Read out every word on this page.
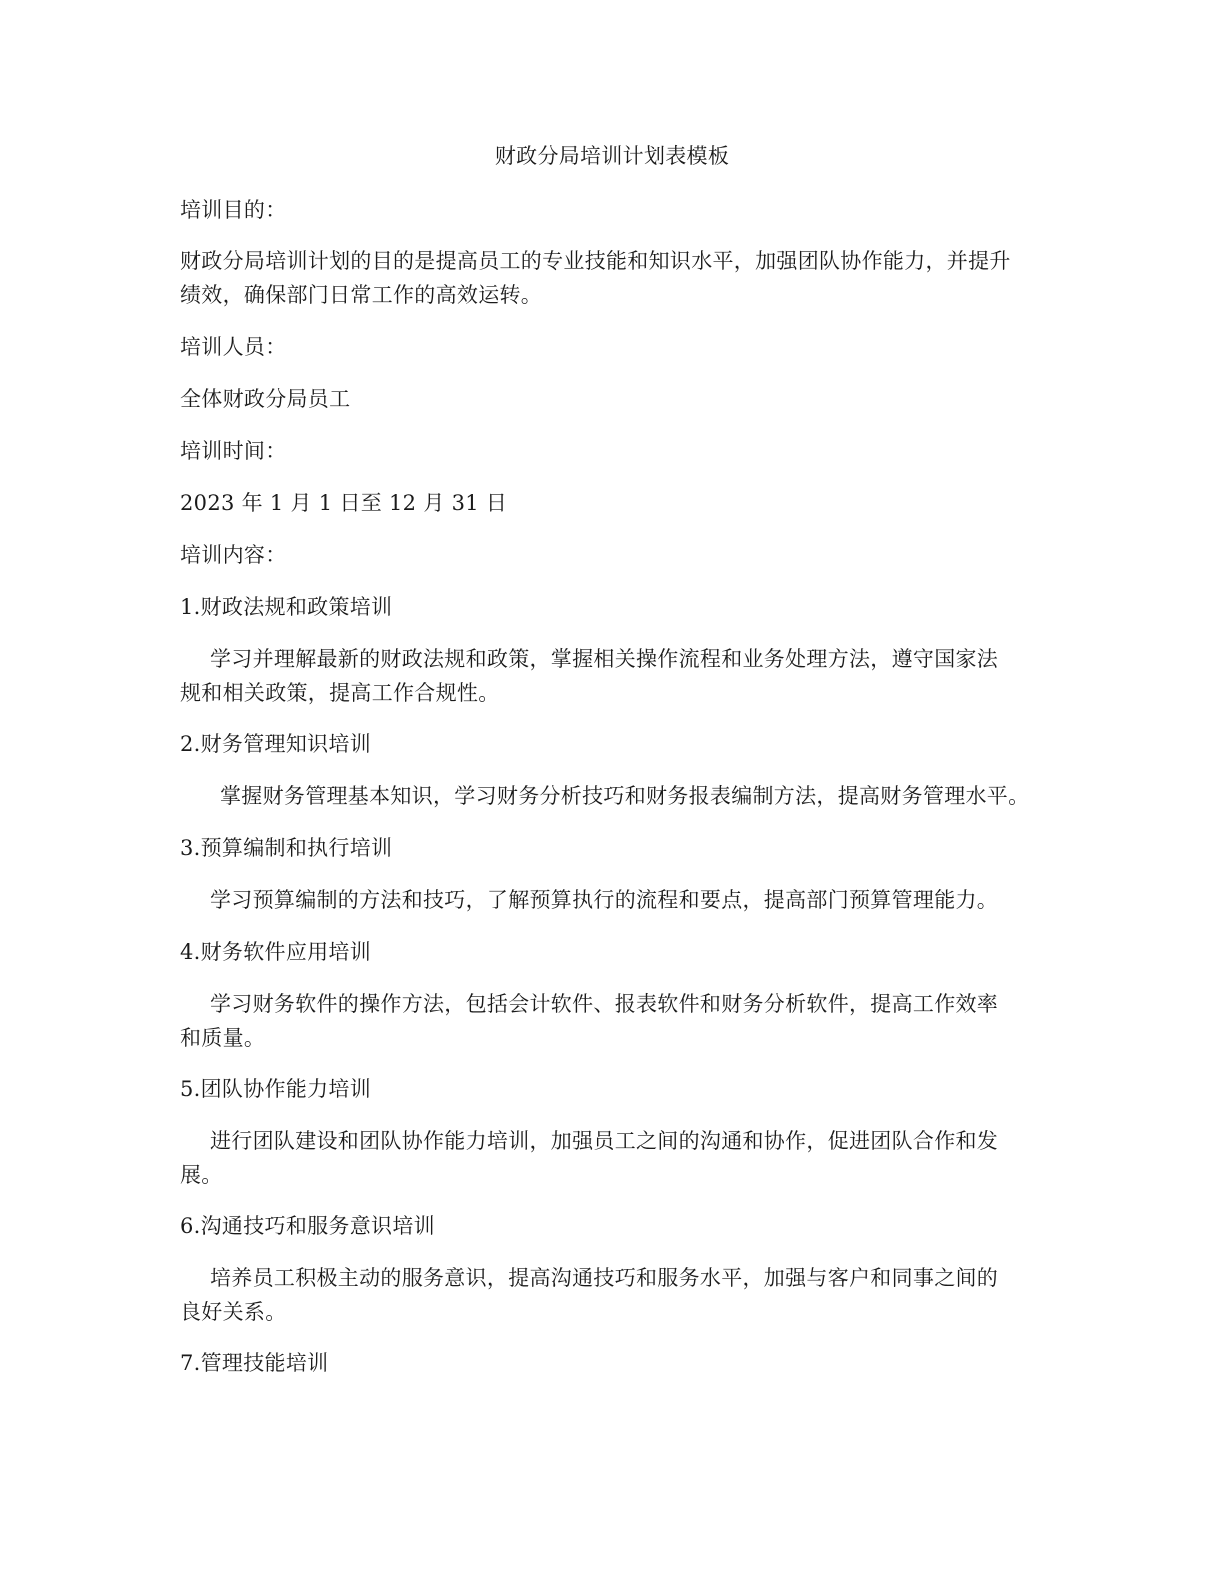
财政分局培训计划表模板
培训目的：
财政分局培训计划的目的是提高员工的专业技能和知识水平，加强团队协作能力，并提升
绩效，确保部门日常工作的高效运转。
培训人员：
全体财政分局员工
培训时间：
2023 年 1 月 1 日至 12 月 31 日
培训内容：
1.财政法规和政策培训
学习并理解最新的财政法规和政策，掌握相关操作流程和业务处理方法，遵守国家法
规和相关政策，提高工作合规性。
2.财务管理知识培训
掌握财务管理基本知识，学习财务分析技巧和财务报表编制方法，提高财务管理水平。
3.预算编制和执行培训
学习预算编制的方法和技巧，了解预算执行的流程和要点，提高部门预算管理能力。
4.财务软件应用培训
学习财务软件的操作方法，包括会计软件、报表软件和财务分析软件，提高工作效率
和质量。
5.团队协作能力培训
进行团队建设和团队协作能力培训，加强员工之间的沟通和协作，促进团队合作和发
展。
6.沟通技巧和服务意识培训
培养员工积极主动的服务意识，提高沟通技巧和服务水平，加强与客户和同事之间的
良好关系。
7.管理技能培训
